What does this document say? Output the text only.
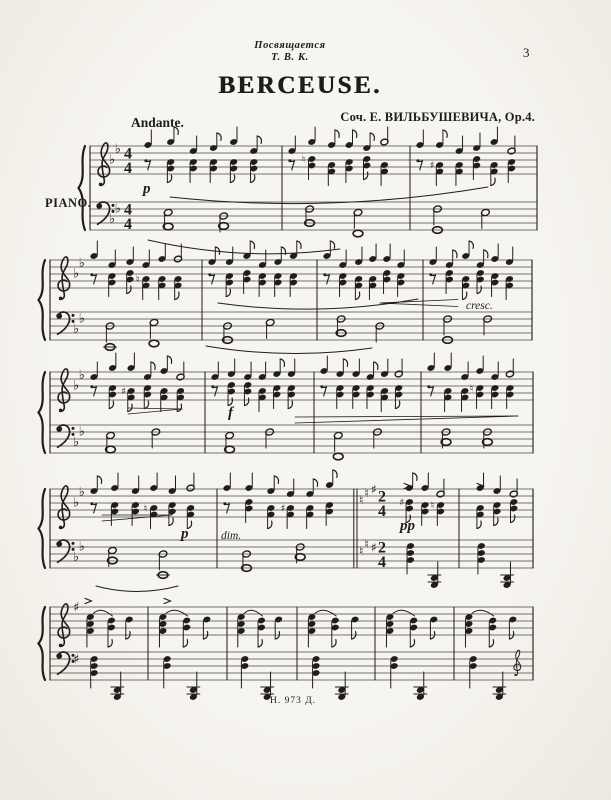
Посвящается
Т. В. К.	3
BERCEUSE.
Соч. Е. ВИЛЬБУШЕВИЧА, Op.4.
Andante.
PIANO.
♭
♭
♭
♭
4
4
4
4
♮
♯
p
♭
♭
♭
♭
♮
cresc.
♭
♭
♭
♭
♯	♮
f
♭
♭
♭
♭
♮ ♮ ♯ 2
4
♮ ♮ ♯ 2
4
♮	♯
♯	♮
p	dim.
pp
♯
♯
Н. 973 Д.
